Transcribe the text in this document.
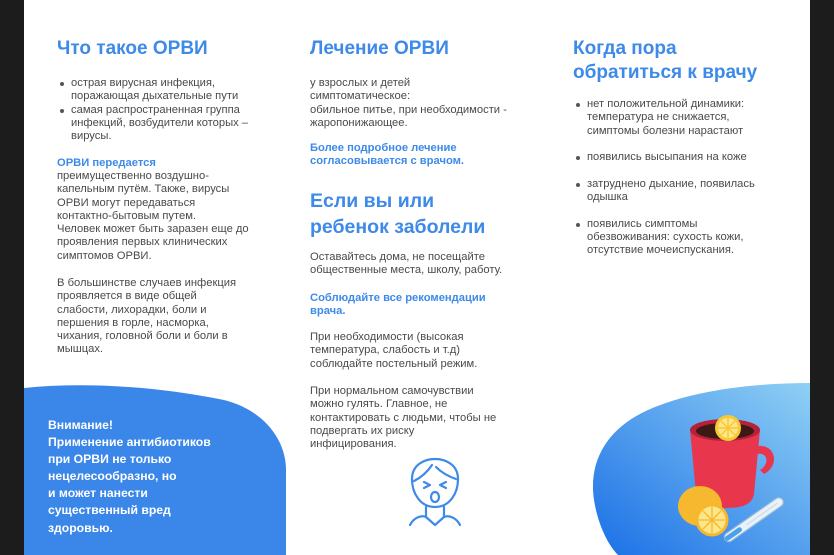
Что такое ОРВИ
острая вирусная инфекция,
поражающая дыхательные пути
самая распространенная группа
инфекций, возбудители которых –
вирусы.

ОРВИ передается

преимущественно воздушно-
капельным путём. Также, вирусы
ОРВИ могут передаваться
контактно-бытовым путем.
Человек может быть заразен еще до
проявления первых клинических
симптомов ОРВИ.

В большинстве случаев инфекция
проявляется в виде общей
слабости, лихорадки, боли и
першения в горле, насморка,
чихания, головной боли и боли в
мышцах.

Внимание!
Применение антибиотиков
при ОРВИ не только
нецелесообразно, но
и может нанести
существенный вред
здоровью.
Лечение ОРВИ

у взрослых и детей
симптоматическое:
обильное питье, при необходимости -
жаропонижающее.

Более подробное лечение
согласовывается с врачом.

Если вы или
ребенок заболели

Оставайтесь дома, не посещайте
общественные места, школу, работу.

Соблюдайте все рекомендации
врача.

При необходимости (высокая
температура, слабость и т.д)
соблюдайте постельный режим.

При нормальном самочувствии
можно гулять. Главное, не
контактировать с людьми, чтобы не
подвергать их риску
инфицирования.

Когда пора
обратиться к врачу
нет положительной динамики:
температура не снижается,
симптомы болезни нарастают
появились высыпания на коже
затруднено дыхание, появилась
одышка
появились симптомы
обезвоживания: сухость кожи,
отсутствие мочеиспускания.
